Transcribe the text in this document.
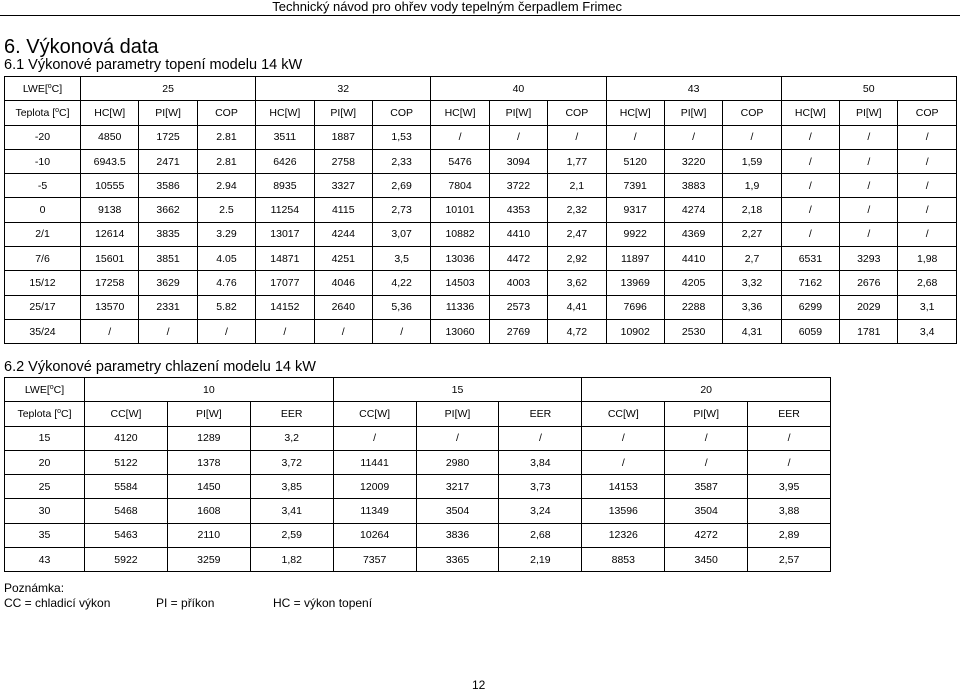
Technický návod pro ohřev vody tepelným čerpadlem Frimec
6. Výkonová data
6.1 Výkonové parametry topení modelu 14 kW
LWE[$^o$C]	25			32			40			43			50		
Teplota [$^o$C]	HC[W]	PI[W]	COP	HC[W]	PI[W]	COP	HC[W]	PI[W]	COP	HC[W]	PI[W]	COP	HC[W]	PI[W]	COP
-20	4850	1725	2.81	3511	1887	1,53	/	/	/	/	/	/	/	/	/
-10	6943.5	2471	2.81	6426	2758	2,33	5476	3094	1,77	5120	3220	1,59	/	/	/
-5	10555	3586	2.94	8935	3327	2,69	7804	3722	2,1	7391	3883	1,9	/	/	/
0	9138	3662	2.5	11254	4115	2,73	10101	4353	2,32	9317	4274	2,18	/	/	/
2/1	12614	3835	3.29	13017	4244	3,07	10882	4410	2,47	9922	4369	2,27	/	/	/
7/6	15601	3851	4.05	14871	4251	3,5	13036	4472	2,92	11897	4410	2,7	6531	3293	1,98
15/12	17258	3629	4.76	17077	4046	4,22	14503	4003	3,62	13969	4205	3,32	7162	2676	2,68
25/17	13570	2331	5.82	14152	2640	5,36	11336	2573	4,41	7696	2288	3,36	6299	2029	3,1
35/24	/	/	/	/	/	/	13060	2769	4,72	10902	2530	4,31	6059	1781	3,4
6.2 Výkonové parametry chlazení modelu 14 kW
LWE[$^o$C]	10			15			20		
Teplota [$^o$C]	CC[W]	PI[W]	EER	CC[W]	PI[W]	EER	CC[W]	PI[W]	EER
15	4120	1289	3,2	/	/	/	/	/	/
20	5122	1378	3,72	11441	2980	3,84	/	/	/
25	5584	1450	3,85	12009	3217	3,73	14153	3587	3,95
30	5468	1608	3,41	11349	3504	3,24	13596	3504	3,88
35	5463	2110	2,59	10264	3836	2,68	12326	4272	2,89
43	5922	3259	1,82	7357	3365	2,19	8853	3450	2,57
Poznámka:
CC = chladicí výkon	PI = příkon	HC = výkon topení
12
